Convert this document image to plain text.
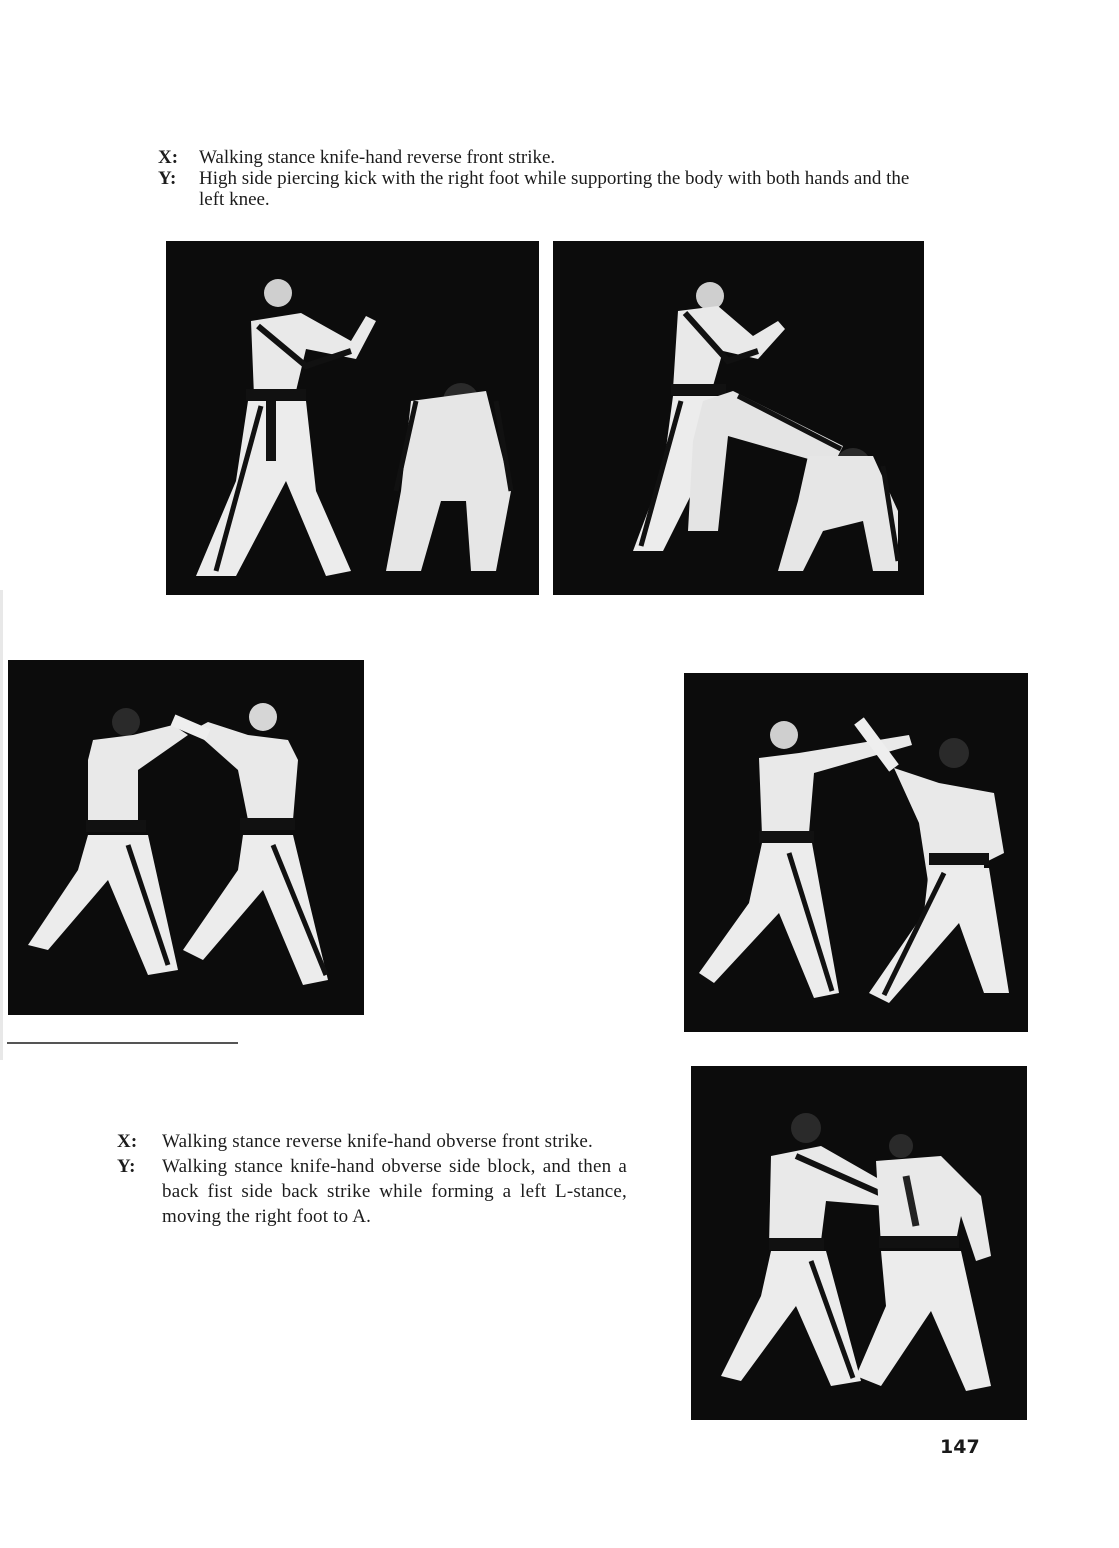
X:	Walking stance knife-hand reverse front strike.
Y:	High side piercing kick with the right foot while supporting the body with both hands and the left knee.
X:	Walking stance reverse knife-hand obverse front strike.
Y:	Walking stance knife-hand obverse side block, and then a back fist side back strike while forming a left L-stance, moving the right foot to A.
147
